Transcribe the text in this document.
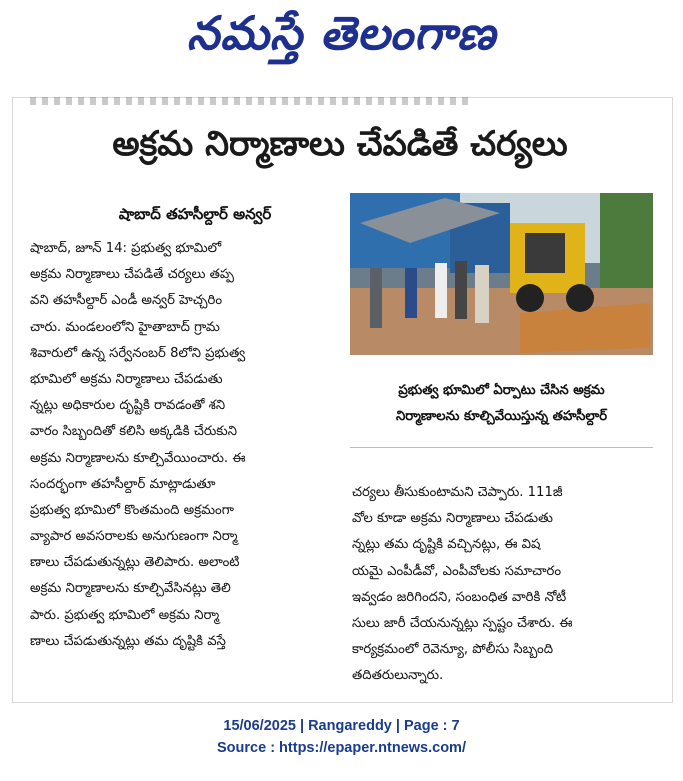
నమస్తే తెలంగాణ
అక్రమ నిర్మాణాలు చేపడితే చర్యలు
షాబాద్ తహసీల్దార్ అన్వర్
షాబాద్, జూన్ 14: ప్రభుత్వ భూమిలో
అక్రమ నిర్మాణాలు చేపడితే చర్యలు తప్ప
వని తహసీల్దార్ ఎండీ అన్వర్ హెచ్చరిం
చారు. మండలంలోని హైతాబాద్ గ్రామ
శివారులో ఉన్న సర్వేనంబర్ 8లోని ప్రభుత్వ
భూమిలో అక్రమ నిర్మాణాలు చేపడుతు
న్నట్లు అధికారుల దృష్టికి రావడంతో శని
వారం సిబ్బందితో కలిసి అక్కడికి చేరుకుని
అక్రమ నిర్మాణాలను కూల్చివేయించారు. ఈ
సందర్భంగా తహసీల్దార్ మాట్లాడుతూ
ప్రభుత్వ భూమిలో కొంతమంది అక్రమంగా
వ్యాపార అవసరాలకు అనుగుణంగా నిర్మా
ణాలు చేపడుతున్నట్లు తెలిపారు. అలాంటి
అక్రమ నిర్మాణాలను కూల్చివేసినట్లు తెలి
పారు. ప్రభుత్వ భూమిలో అక్రమ నిర్మా
ణాలు చేపడుతున్నట్లు తమ దృష్టికి వస్తే
ప్రభుత్వ భూమిలో ఏర్పాటు చేసిన అక్రమ
నిర్మాణాలను కూల్చివేయిస్తున్న తహసీల్దార్
చర్యలు తీసుకుంటామని చెప్పారు. 111జీ
వోల కూడా అక్రమ నిర్మాణాలు చేపడుతు
న్నట్లు తమ దృష్టికి వచ్చినట్లు, ఈ విష
యమై ఎంపీడీవో, ఎంపీవోలకు సమాచారం
ఇవ్వడం జరిగిందని, సంబంధిత వారికి నోటీ
సులు జారీ చేయనున్నట్లు స్పష్టం చేశారు. ఈ
కార్యక్రమంలో రెవెన్యూ, పోలీసు సిబ్బంది
తదితరులున్నారు.
15/06/2025 | Rangareddy | Page : 7
Source : https://epaper.ntnews.com/
